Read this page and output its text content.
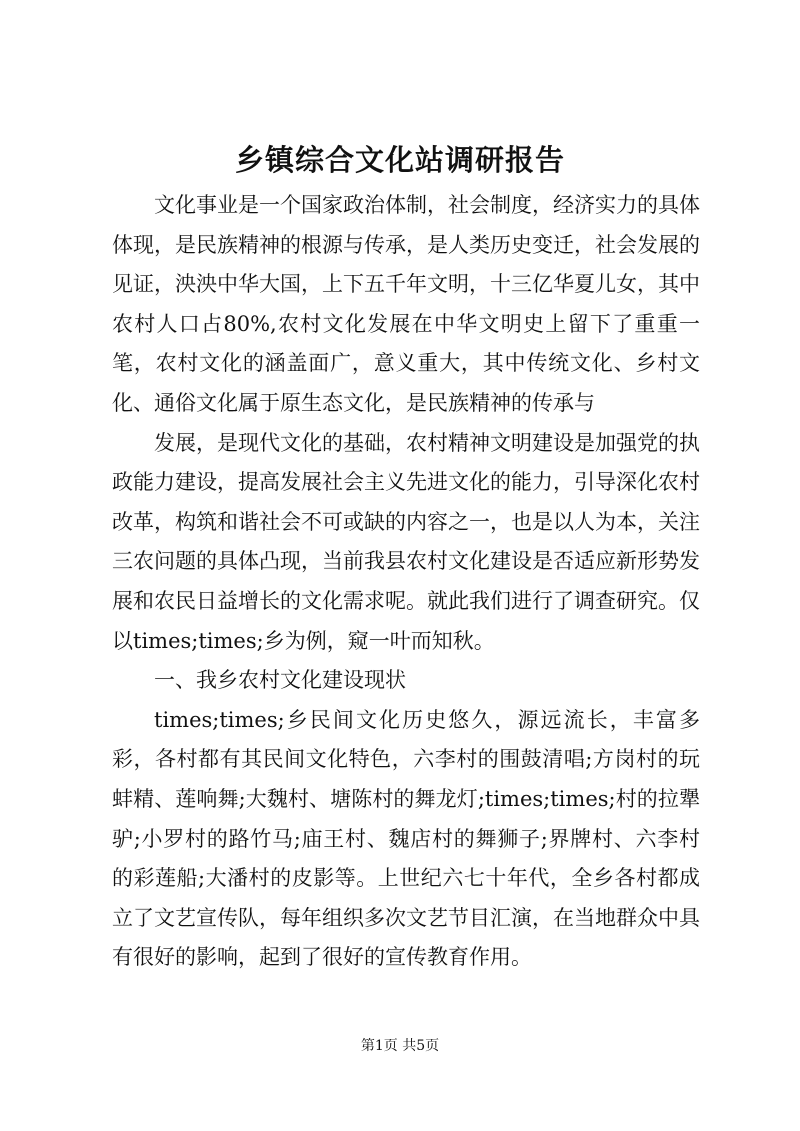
乡镇综合文化站调研报告

文化事业是一个国家政治体制，社会制度，经济实力的具体体现，是民族精神的根源与传承，是人类历史变迁，社会发展的见证，泱泱中华大国，上下五千年文明，十三亿华夏儿女，其中农村人口占80%,农村文化发展在中华文明史上留下了重重一笔，农村文化的涵盖面广，意义重大，其中传统文化、乡村文化、通俗文化属于原生态文化，是民族精神的传承与

发展，是现代文化的基础，农村精神文明建设是加强党的执政能力建设，提高发展社会主义先进文化的能力，引导深化农村改革，构筑和谐社会不可或缺的内容之一，也是以人为本，关注三农问题的具体凸现，当前我县农村文化建设是否适应新形势发展和农民日益增长的文化需求呢。就此我们进行了调查研究。仅以times;times;乡为例，窥一叶而知秋。

一、我乡农村文化建设现状

times;times;乡民间文化历史悠久，源远流长，丰富多彩，各村都有其民间文化特色，六李村的围鼓清唱;方岗村的玩蚌精、莲响舞;大魏村、塘陈村的舞龙灯;times;times;村的拉犟驴;小罗村的路竹马;庙王村、魏店村的舞狮子;界牌村、六李村的彩莲船;大潘村的皮影等。上世纪六七十年代，全乡各村都成立了文艺宣传队，每年组织多次文艺节目汇演，在当地群众中具有很好的影响，起到了很好的宣传教育作用。

第1页 共5页
